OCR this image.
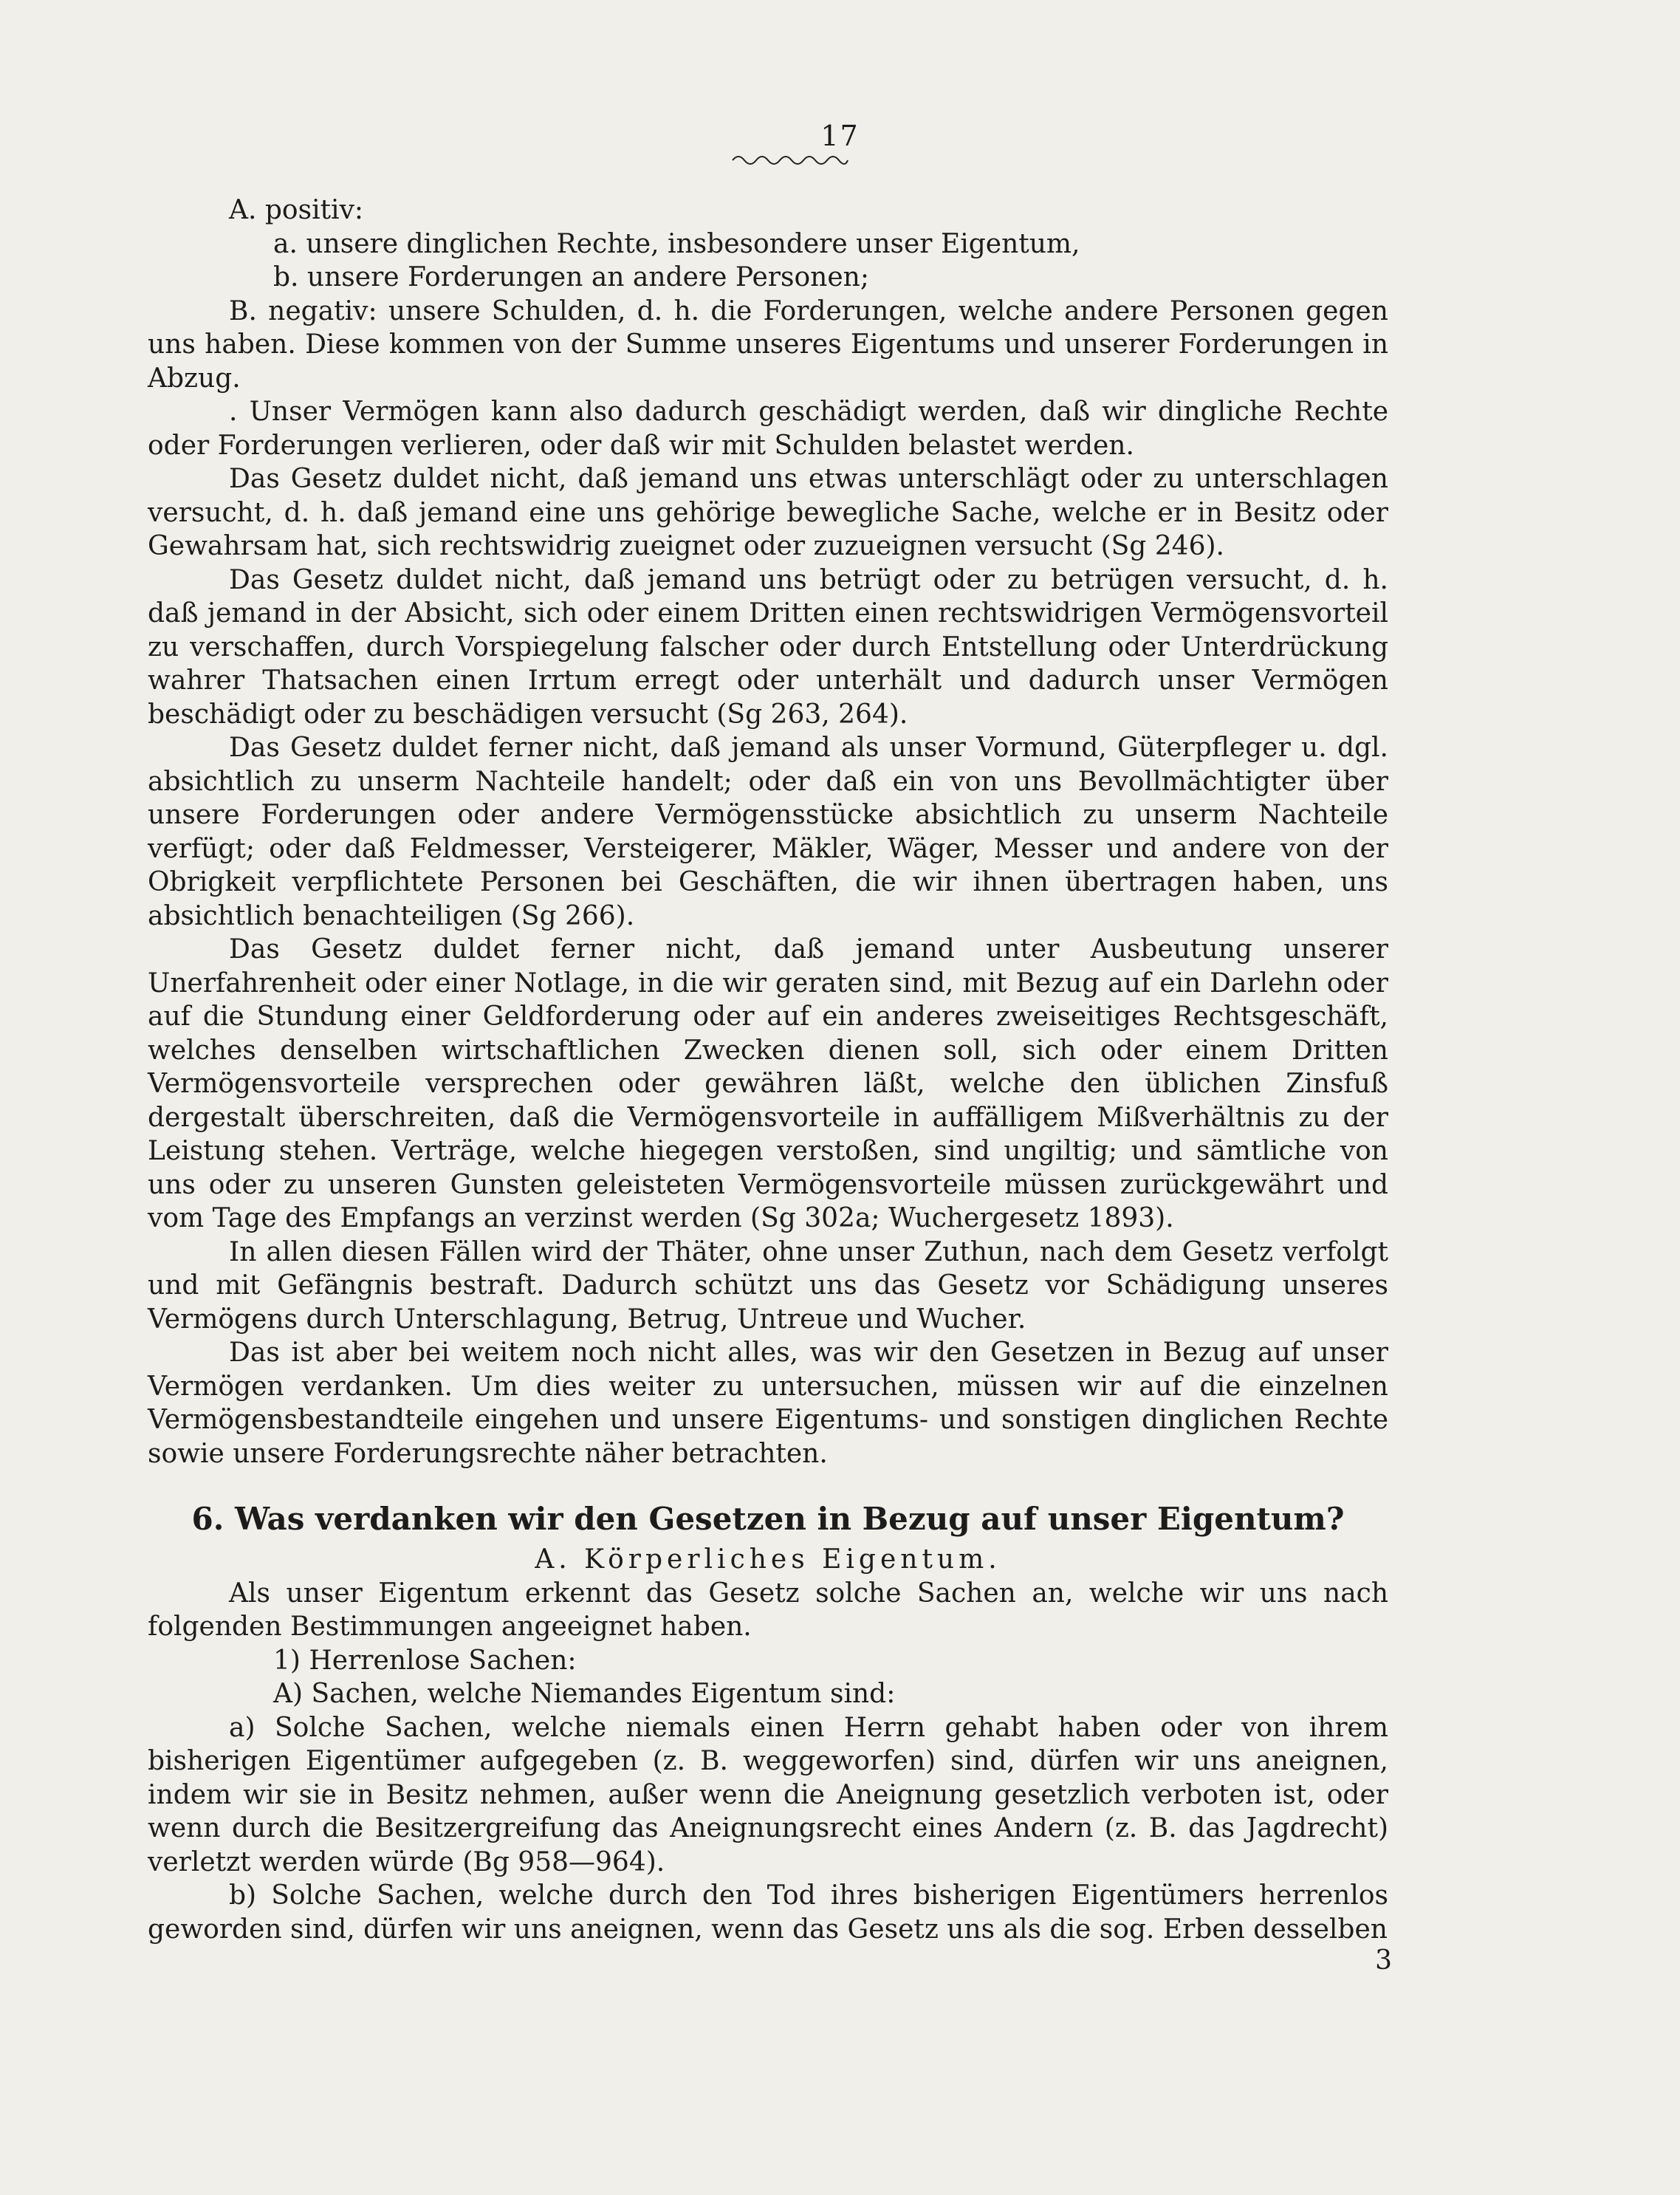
17

A. positiv:

a. unsere dinglichen Rechte, insbesondere unser Eigentum,

b. unsere Forderungen an andere Personen;

B. negativ: unsere Schulden, d. h. die Forderungen, welche andere Personen gegen uns haben. Diese kommen von der Summe unseres Eigentums und unserer Forderungen in Abzug.

. Unser Vermögen kann also dadurch geschädigt werden, daß wir dingliche Rechte oder Forderungen verlieren, oder daß wir mit Schulden belastet werden.

Das Gesetz duldet nicht, daß jemand uns etwas unterschlägt oder zu unterschlagen versucht, d. h. daß jemand eine uns gehörige bewegliche Sache, welche er in Besitz oder Gewahrsam hat, sich rechtswidrig zueignet oder zuzueignen versucht (Sg 246).

Das Gesetz duldet nicht, daß jemand uns betrügt oder zu betrügen versucht, d. h. daß jemand in der Absicht, sich oder einem Dritten einen rechtswidrigen Vermögensvorteil zu verschaffen, durch Vorspiegelung falscher oder durch Entstellung oder Unterdrückung wahrer Thatsachen einen Irrtum erregt oder unterhält und dadurch unser Vermögen beschädigt oder zu beschädigen versucht (Sg 263, 264).

Das Gesetz duldet ferner nicht, daß jemand als unser Vormund, Güterpfleger u. dgl. absichtlich zu unserm Nachteile handelt; oder daß ein von uns Bevollmächtigter über unsere Forderungen oder andere Vermögensstücke absichtlich zu unserm Nachteile verfügt; oder daß Feldmesser, Versteigerer, Mäkler, Wäger, Messer und andere von der Obrigkeit verpflichtete Personen bei Geschäften, die wir ihnen übertragen haben, uns absichtlich benachteiligen (Sg 266).

Das Gesetz duldet ferner nicht, daß jemand unter Ausbeutung unserer Unerfahrenheit oder einer Notlage, in die wir geraten sind, mit Bezug auf ein Darlehn oder auf die Stundung einer Geldforderung oder auf ein anderes zweiseitiges Rechtsgeschäft, welches denselben wirtschaftlichen Zwecken dienen soll, sich oder einem Dritten Vermögensvorteile versprechen oder gewähren läßt, welche den üblichen Zinsfuß dergestalt überschreiten, daß die Vermögensvorteile in auffälligem Mißverhältnis zu der Leistung stehen. Verträge, welche hiegegen verstoßen, sind ungiltig; und sämtliche von uns oder zu unseren Gunsten geleisteten Vermögensvorteile müssen zurückgewährt und vom Tage des Empfangs an verzinst werden (Sg 302a; Wuchergesetz 1893).

In allen diesen Fällen wird der Thäter, ohne unser Zuthun, nach dem Gesetz verfolgt und mit Gefängnis bestraft. Dadurch schützt uns das Gesetz vor Schädigung unseres Vermögens durch Unterschlagung, Betrug, Untreue und Wucher.

Das ist aber bei weitem noch nicht alles, was wir den Gesetzen in Bezug auf unser Vermögen verdanken. Um dies weiter zu untersuchen, müssen wir auf die einzelnen Vermögensbestandteile eingehen und unsere Eigentums- und sonstigen dinglichen Rechte sowie unsere Forderungsrechte näher betrachten.

6. Was verdanken wir den Gesetzen in Bezug auf unser Eigentum?

A. Körperliches Eigentum.

Als unser Eigentum erkennt das Gesetz solche Sachen an, welche wir uns nach folgenden Bestimmungen angeeignet haben.

1) Herrenlose Sachen:

A) Sachen, welche Niemandes Eigentum sind:

a) Solche Sachen, welche niemals einen Herrn gehabt haben oder von ihrem bisherigen Eigentümer aufgegeben (z. B. weggeworfen) sind, dürfen wir uns aneignen, indem wir sie in Besitz nehmen, außer wenn die Aneignung gesetzlich verboten ist, oder wenn durch die Besitzergreifung das Aneignungsrecht eines Andern (z. B. das Jagdrecht) verletzt werden würde (Bg 958—964).

b) Solche Sachen, welche durch den Tod ihres bisherigen Eigentümers herrenlos geworden sind, dürfen wir uns aneignen, wenn das Gesetz uns als die sog. Erben desselben

3
